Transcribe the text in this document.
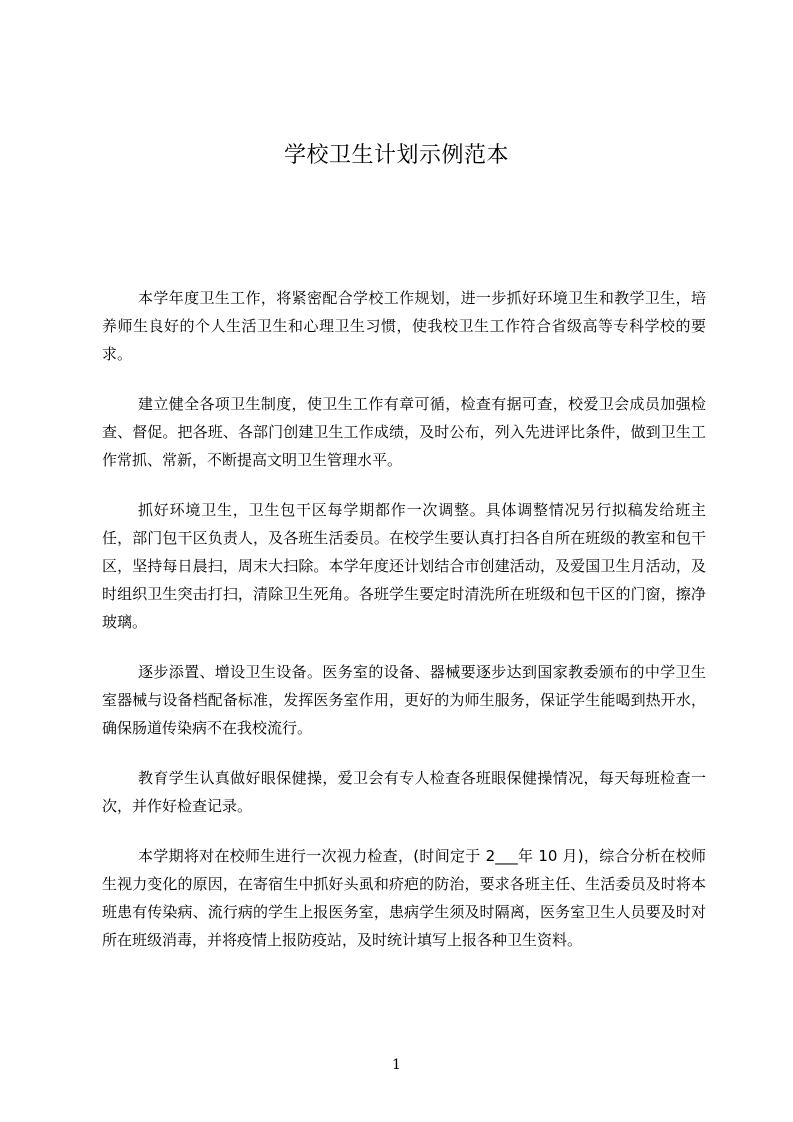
学校卫生计划示例范本

本学年度卫生工作，将紧密配合学校工作规划，进一步抓好环境卫生和教学卫生，培养师生良好的个人生活卫生和心理卫生习惯，使我校卫生工作符合省级高等专科学校的要求。

建立健全各项卫生制度，使卫生工作有章可循，检查有据可查，校爱卫会成员加强检查、督促。把各班、各部门创建卫生工作成绩，及时公布，列入先进评比条件，做到卫生工作常抓、常新，不断提高文明卫生管理水平。

抓好环境卫生，卫生包干区每学期都作一次调整。具体调整情况另行拟稿发给班主任，部门包干区负责人，及各班生活委员。在校学生要认真打扫各自所在班级的教室和包干区，坚持每日晨扫，周末大扫除。本学年度还计划结合市创建活动，及爱国卫生月活动，及时组织卫生突击打扫，清除卫生死角。各班学生要定时清洗所在班级和包干区的门窗，擦净玻璃。

逐步添置、增设卫生设备。医务室的设备、器械要逐步达到国家教委颁布的中学卫生室器械与设备档配备标准，发挥医务室作用，更好的为师生服务，保证学生能喝到热开水，确保肠道传染病不在我校流行。

教育学生认真做好眼保健操，爱卫会有专人检查各班眼保健操情况，每天每班检查一次，并作好检查记录。

本学期将对在校师生进行一次视力检查，(时间定于 2___年 10 月)，综合分析在校师生视力变化的原因，在寄宿生中抓好头虱和疥疤的防治，要求各班主任、生活委员及时将本班患有传染病、流行病的学生上报医务室，患病学生须及时隔离，医务室卫生人员要及时对所在班级消毒，并将疫情上报防疫站，及时统计填写上报各种卫生资料。

1
